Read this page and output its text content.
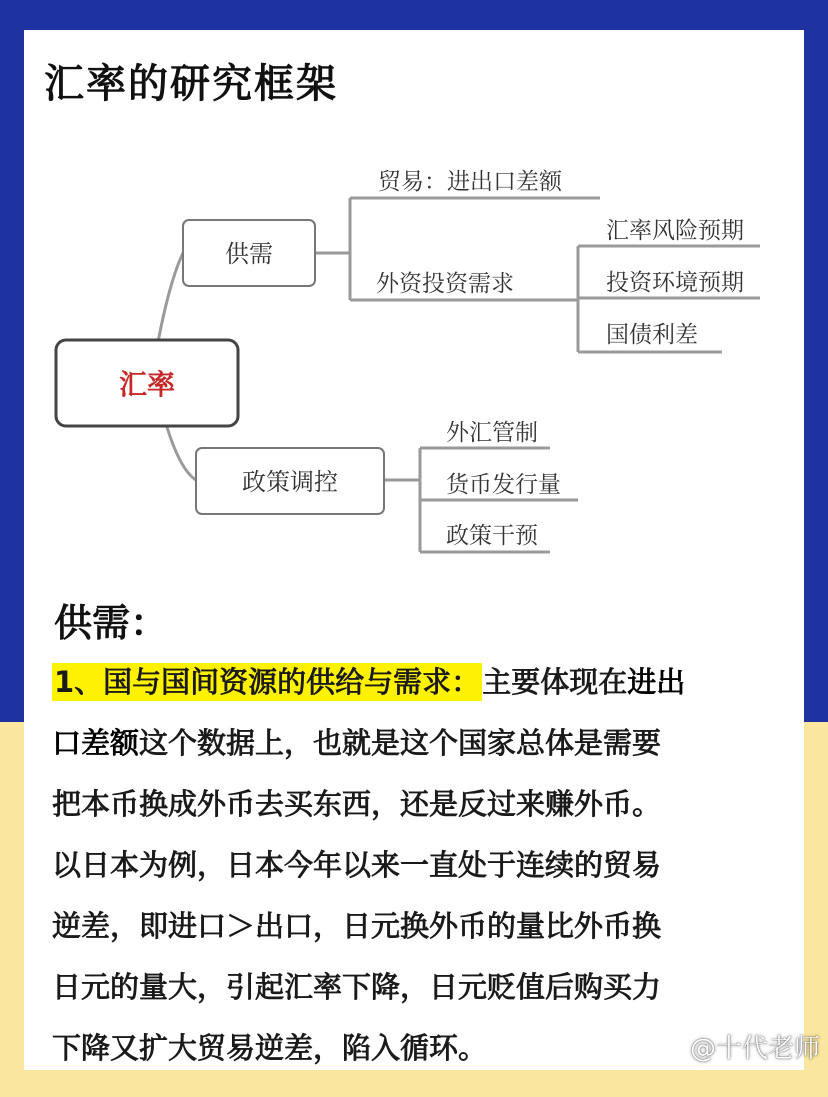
汇率的研究框架
汇率
供需
政策调控
贸易：进出口差额
外资投资需求
汇率风险预期
投资环境预期
国债利差
外汇管制
货币发行量
政策干预
供需：
1、国与国间资源的供给与需求：主要体现在进出
口差额这个数据上，也就是这个国家总体是需要
把本币换成外币去买东西，还是反过来赚外币。
以日本为例，日本今年以来一直处于连续的贸易
逆差，即进口＞出口，日元换外币的量比外币换
日元的量大，引起汇率下降，日元贬值后购买力
下降又扩大贸易逆差，陷入循环。	@十代老师
